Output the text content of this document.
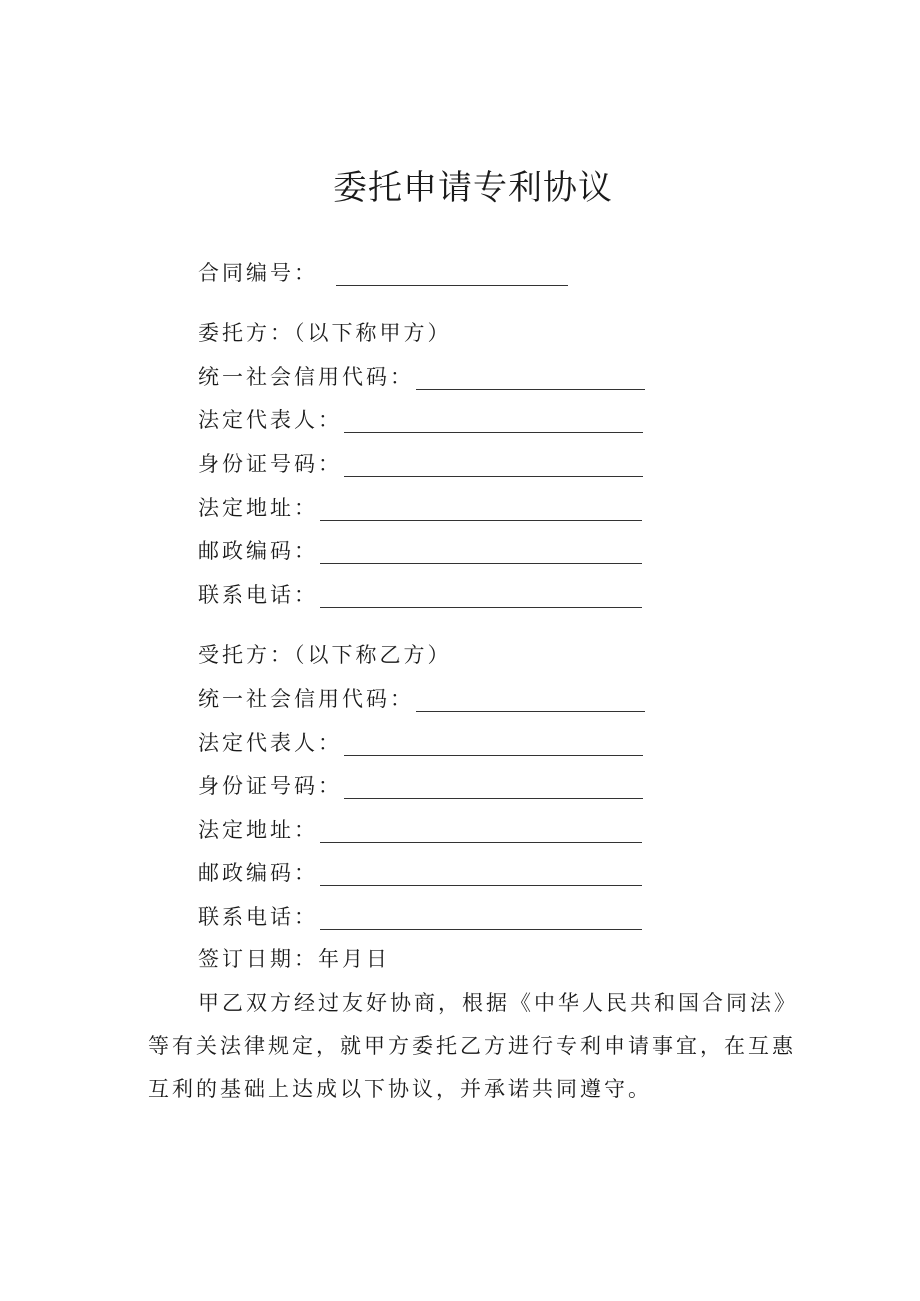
委托申请专利协议
合同编号：
委托方：（以下称甲方）
统一社会信用代码：
法定代表人：
身份证号码：
法定地址：
邮政编码：
联系电话：
受托方：（以下称乙方）
统一社会信用代码：
法定代表人：
身份证号码：
法定地址：
邮政编码：
联系电话：
签订日期：年月日
甲乙双方经过友好协商，根据《中华人民共和国合同法》等有关法律规定，就甲方委托乙方进行专利申请事宜，在互惠互利的基础上达成以下协议，并承诺共同遵守。
